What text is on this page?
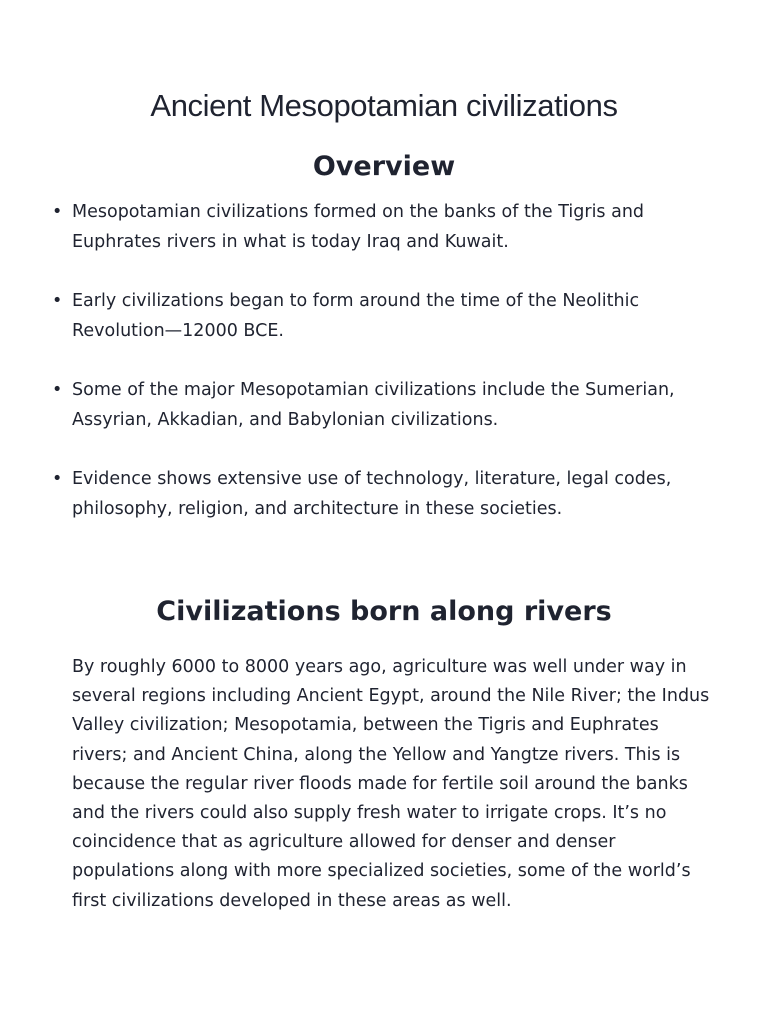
Ancient Mesopotamian civilizations
Overview
• Mesopotamian civilizations formed on the banks of the Tigris and Euphrates rivers in what is today Iraq and Kuwait.
• Early civilizations began to form around the time of the Neolithic Revolution—12000 BCE.
• Some of the major Mesopotamian civilizations include the Sumerian, Assyrian, Akkadian, and Babylonian civilizations.
• Evidence shows extensive use of technology, literature, legal codes, philosophy, religion, and architecture in these societies.
Civilizations born along rivers

By roughly 6000 to 8000 years ago, agriculture was well under way in several regions including Ancient Egypt, around the Nile River; the Indus Valley civilization; Mesopotamia, between the Tigris and Euphrates rivers; and Ancient China, along the Yellow and Yangtze rivers. This is because the regular river floods made for fertile soil around the banks and the rivers could also supply fresh water to irrigate crops. It’s no coincidence that as agriculture allowed for denser and denser populations along with more specialized societies, some of the world’s first civilizations developed in these areas as well.
